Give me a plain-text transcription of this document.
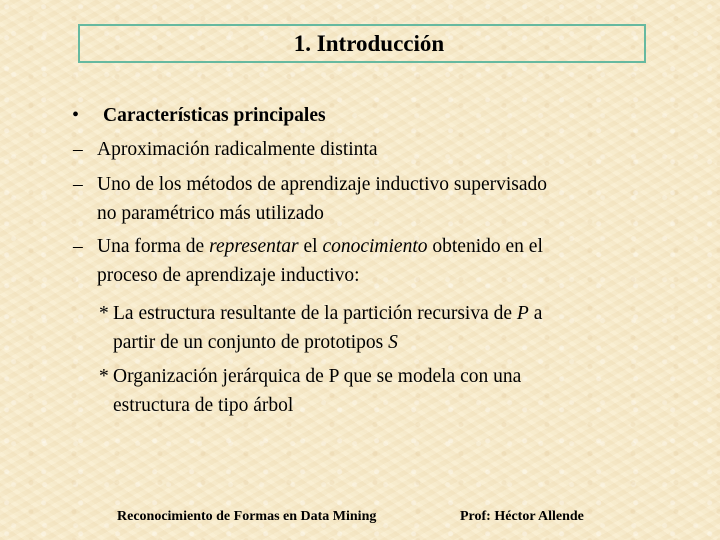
1. Introducción
• Características principales
– Aproximación radicalmente distinta
– Uno de los métodos de aprendizaje inductivo supervisado
no paramétrico más utilizado
– Una forma de representar el conocimiento obtenido en el
proceso de aprendizaje inductivo:
* La estructura resultante de la partición recursiva de P a
partir de un conjunto de prototipos S
* Organización jerárquica de P que se modela con una
estructura de tipo árbol
Reconocimiento de Formas en Data Mining	Prof: Héctor Allende
